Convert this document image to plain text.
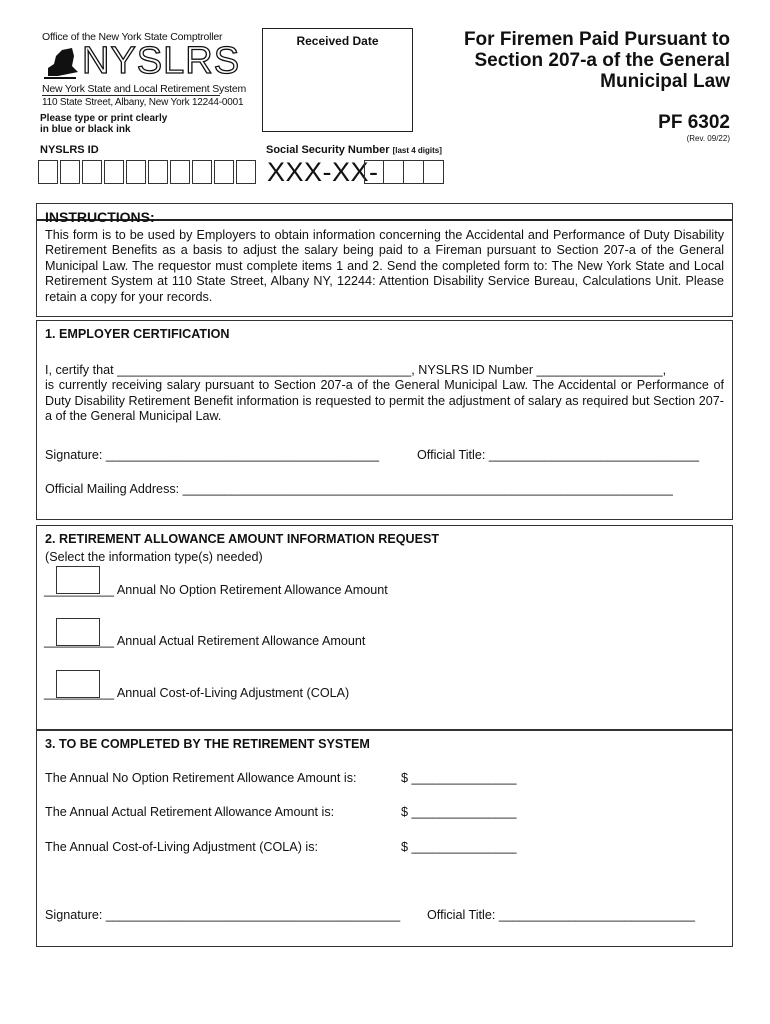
Office of the New York State Comptroller
NYSLRS
New York State and Local Retirement System
110 State Street, Albany, New York 12244-0001
Please type or print clearly
in blue or black ink
Received Date	For Firemen Paid Pursuant to
Section 207-a of the General
Municipal Law
PF 6302
(Rev. 09/22)
NYSLRS ID	Social Security Number [last 4 digits]
XXX-XX-
INSTRUCTIONS:
This form is to be used by Employers to obtain information concerning the Accidental and Performance of Duty Disability Retirement Benefits as a basis to adjust the salary being paid to a Fireman pursuant to Section 207-a of the General Municipal Law. The requestor must complete items 1 and 2. Send the completed form to: The New York State and Local Retirement System at 110 State Street, Albany NY, 12244: Attention Disability Service Bureau, Calculations Unit. Please retain a copy for your records.
1. EMPLOYER CERTIFICATION
I, certify that __________________________________________, NYSLRS ID Number __________________,
is currently receiving salary pursuant to Section 207-a of the General Municipal Law. The Accidental or Performance of Duty Disability Retirement Benefit information is requested to permit the adjustment of salary as required but Section 207-a of the General Municipal Law.
Signature: _______________________________________	Official Title: ______________________________
Official Mailing Address: ______________________________________________________________________
2. RETIREMENT ALLOWANCE AMOUNT INFORMATION REQUEST
(Select the information type(s) needed)
__________ Annual No Option Retirement Allowance Amount
__________ Annual Actual Retirement Allowance Amount
__________ Annual Cost-of-Living Adjustment (COLA)
3. TO BE COMPLETED BY THE RETIREMENT SYSTEM
The Annual No Option Retirement Allowance Amount is:	$ _______________
The Annual Actual Retirement Allowance Amount is:	$ _______________
The Annual Cost-of-Living Adjustment (COLA) is:	$ _______________
Signature: __________________________________________ Official Title: ____________________________
